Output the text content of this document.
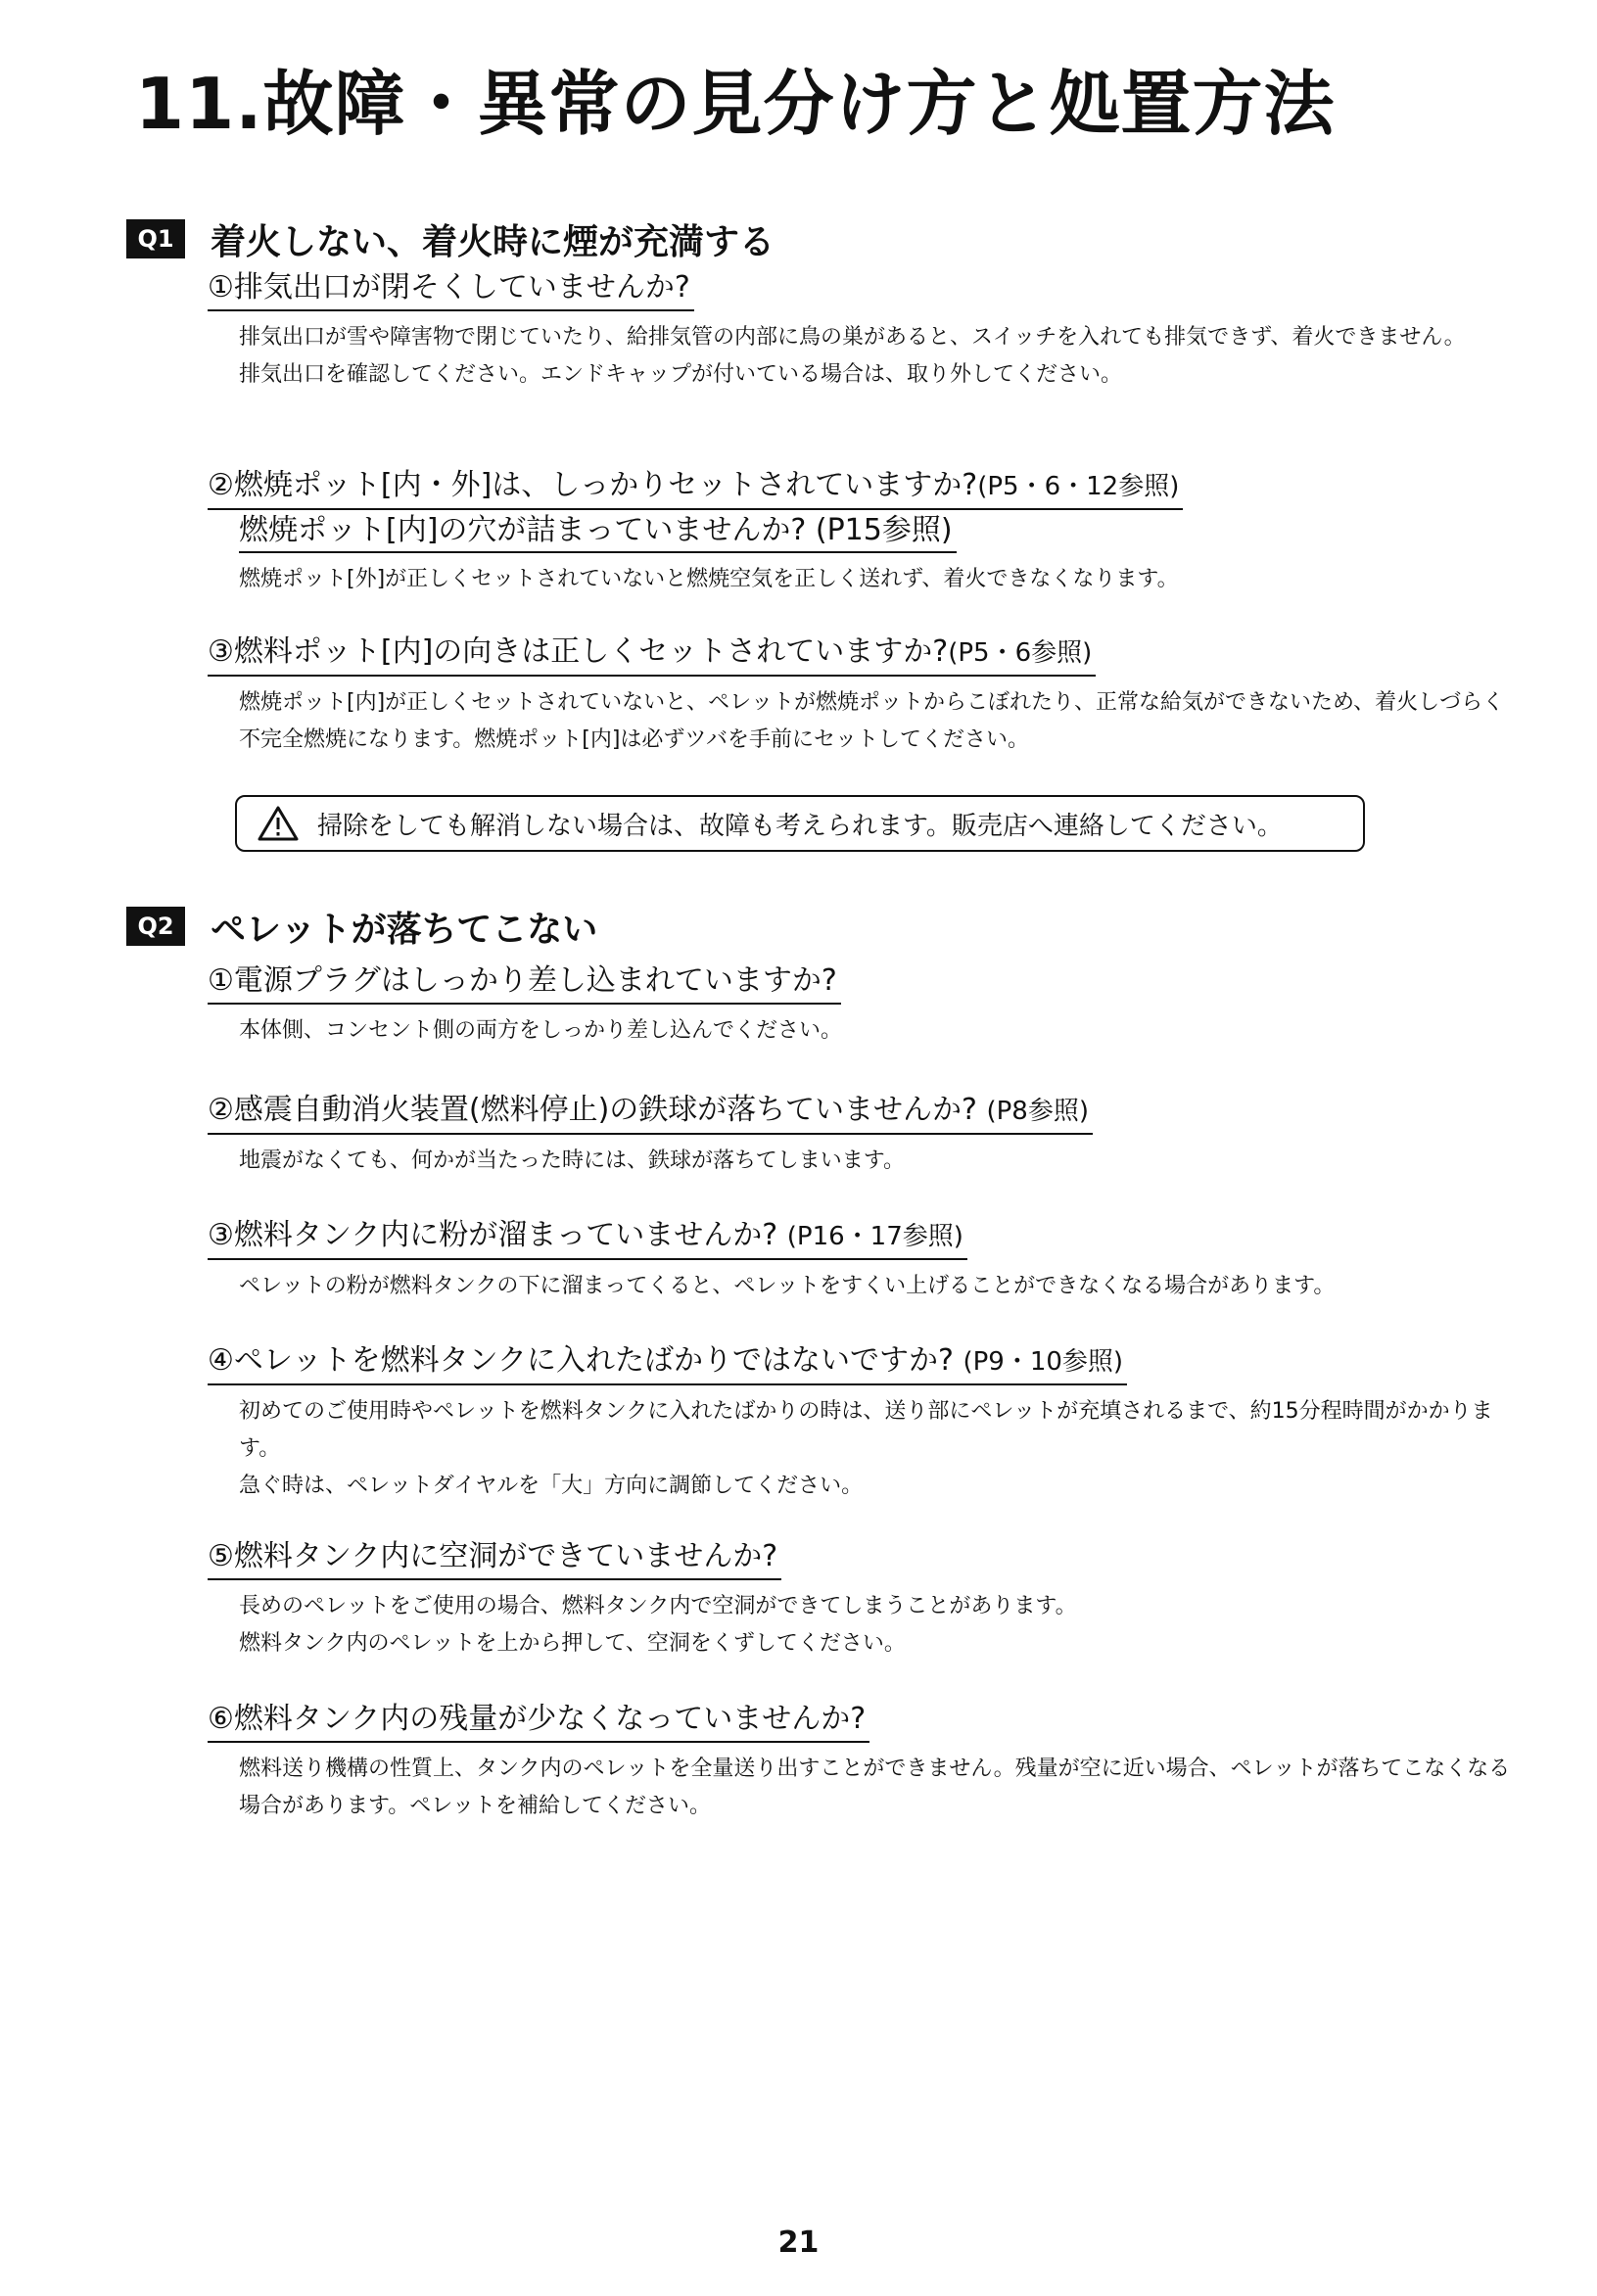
11.故障・異常の見分け方と処置方法
Q1	着火しない、着火時に煙が充満する
①排気出口が閉そくしていませんか?

排気出口が雪や障害物で閉じていたり、給排気管の内部に鳥の巣があると、スイッチを入れても排気できず、着火できません。

排気出口を確認してください。エンドキャップが付いている場合は、取り外してください。

②燃焼ポット[内・外]は、しっかりセットされていますか?(P5・6・12参照)
燃焼ポット[内]の穴が詰まっていませんか? (P15参照)

燃焼ポット[外]が正しくセットされていないと燃焼空気を正しく送れず、着火できなくなります。

③燃料ポット[内]の向きは正しくセットされていますか?(P5・6参照)

燃焼ポット[内]が正しくセットされていないと、ペレットが燃焼ポットからこぼれたり、正常な給気ができないため、着火しづらく不完全燃焼になります。燃焼ポット[内]は必ずツバを手前にセットしてください。

掃除をしても解消しない場合は、故障も考えられます。販売店へ連絡してください。
Q2	ペレットが落ちてこない
①電源プラグはしっかり差し込まれていますか?

本体側、コンセント側の両方をしっかり差し込んでください。

②感震自動消火装置(燃料停止)の鉄球が落ちていませんか? (P8参照)

地震がなくても、何かが当たった時には、鉄球が落ちてしまいます。

③燃料タンク内に粉が溜まっていませんか? (P16・17参照)

ペレットの粉が燃料タンクの下に溜まってくると、ペレットをすくい上げることができなくなる場合があります。

④ペレットを燃料タンクに入れたばかりではないですか? (P9・10参照)

初めてのご使用時やペレットを燃料タンクに入れたばかりの時は、送り部にペレットが充填されるまで、約15分程時間がかかります。

急ぐ時は、ペレットダイヤルを「大」方向に調節してください。

⑤燃料タンク内に空洞ができていませんか?

長めのペレットをご使用の場合、燃料タンク内で空洞ができてしまうことがあります。

燃料タンク内のペレットを上から押して、空洞をくずしてください。

⑥燃料タンク内の残量が少なくなっていませんか?

燃料送り機構の性質上、タンク内のペレットを全量送り出すことができません。残量が空に近い場合、ペレットが落ちてこなくなる場合があります。ペレットを補給してください。

21
